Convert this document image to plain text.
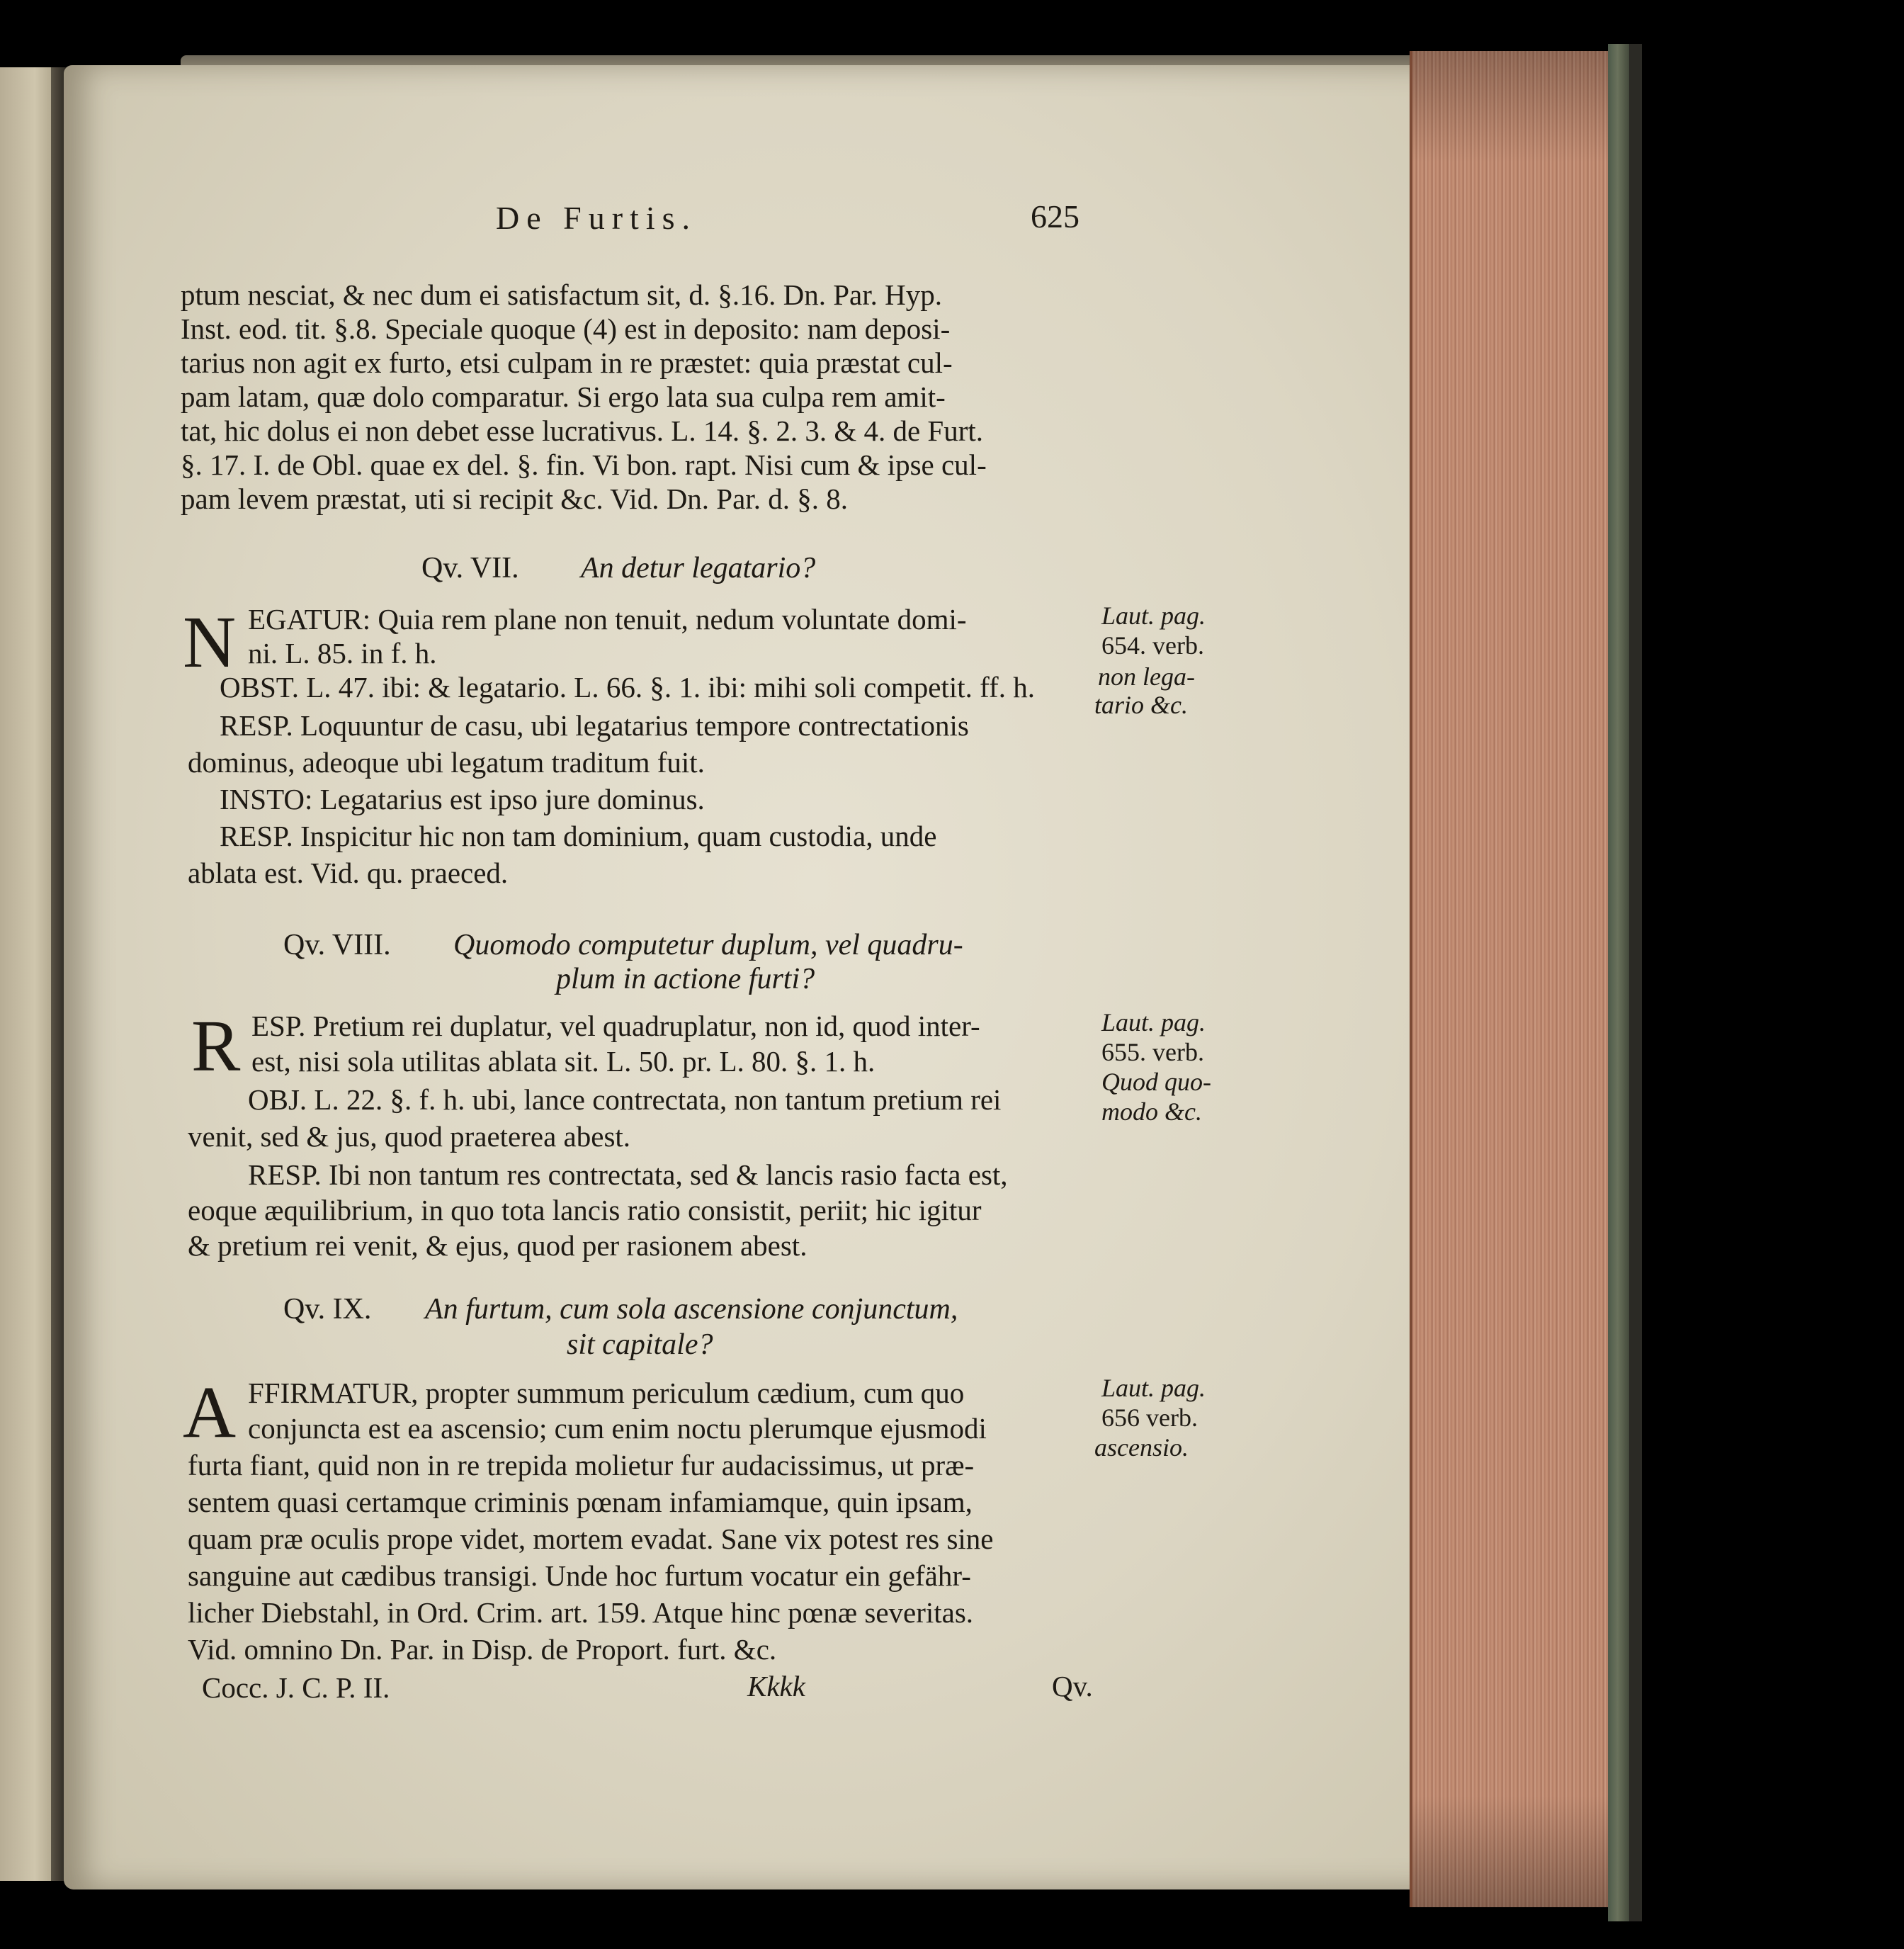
De Furtis.	625
ptum nesciat, & nec dum ei satisfactum sit, d. §.16. Dn. Par. Hyp.
Inst. eod. tit. §.8. Speciale quoque (4) est in deposito: nam deposi-
tarius non agit ex furto, etsi culpam in re præstet: quia præstat cul-
pam latam, quæ dolo comparatur. Si ergo lata sua culpa rem amit-
tat, hic dolus ei non debet esse lucrativus. L. 14. §. 2. 3. & 4. de Furt.
§. 17. I. de Obl. quae ex del. §. fin. Vi bon. rapt. Nisi cum & ipse cul-
pam levem præstat, uti si recipit &c. Vid. Dn. Par. d. §. 8.
Qv. VII. An detur legatario?
N EGATUR: Quia rem plane non tenuit, nedum voluntate domi-
ni. L. 85. in f. h.
OBST. L. 47. ibi: & legatario. L. 66. §. 1. ibi: mihi soli competit. ff. h.
RESP. Loquuntur de casu, ubi legatarius tempore contrectationis
dominus, adeoque ubi legatum traditum fuit.
INSTO: Legatarius est ipso jure dominus.
RESP. Inspicitur hic non tam dominium, quam custodia, unde
ablata est. Vid. qu. praeced.
Laut. pag.
654. verb.
non lega-
tario &c.
Qv. VIII. Quomodo computetur duplum, vel quadru-
plum in actione furti?
R ESP. Pretium rei duplatur, vel quadruplatur, non id, quod inter-
est, nisi sola utilitas ablata sit. L. 50. pr. L. 80. §. 1. h.
OBJ. L. 22. §. f. h. ubi, lance contrectata, non tantum pretium rei
venit, sed & jus, quod praeterea abest.
RESP. Ibi non tantum res contrectata, sed & lancis rasio facta est,
eoque æquilibrium, in quo tota lancis ratio consistit, periit; hic igitur
& pretium rei venit, & ejus, quod per rasionem abest.
Laut. pag.
655. verb.
Quod quo-
modo &c.
Qv. IX. An furtum, cum sola ascensione conjunctum,
sit capitale?
A FFIRMATUR, propter summum periculum cædium, cum quo
conjuncta est ea ascensio; cum enim noctu plerumque ejusmodi
furta fiant, quid non in re trepida molietur fur audacissimus, ut præ-
sentem quasi certamque criminis pœnam infamiamque, quin ipsam,
quam præ oculis prope videt, mortem evadat. Sane vix potest res sine
sanguine aut cædibus transigi. Unde hoc furtum vocatur ein gefähr-
licher Diebstahl, in Ord. Crim. art. 159. Atque hinc pœnæ severitas.
Vid. omnino Dn. Par. in Disp. de Proport. furt. &c.
Laut. pag.
656 verb.
ascensio.
Cocc. J. C. P. II.	Kkkk	Qv.
